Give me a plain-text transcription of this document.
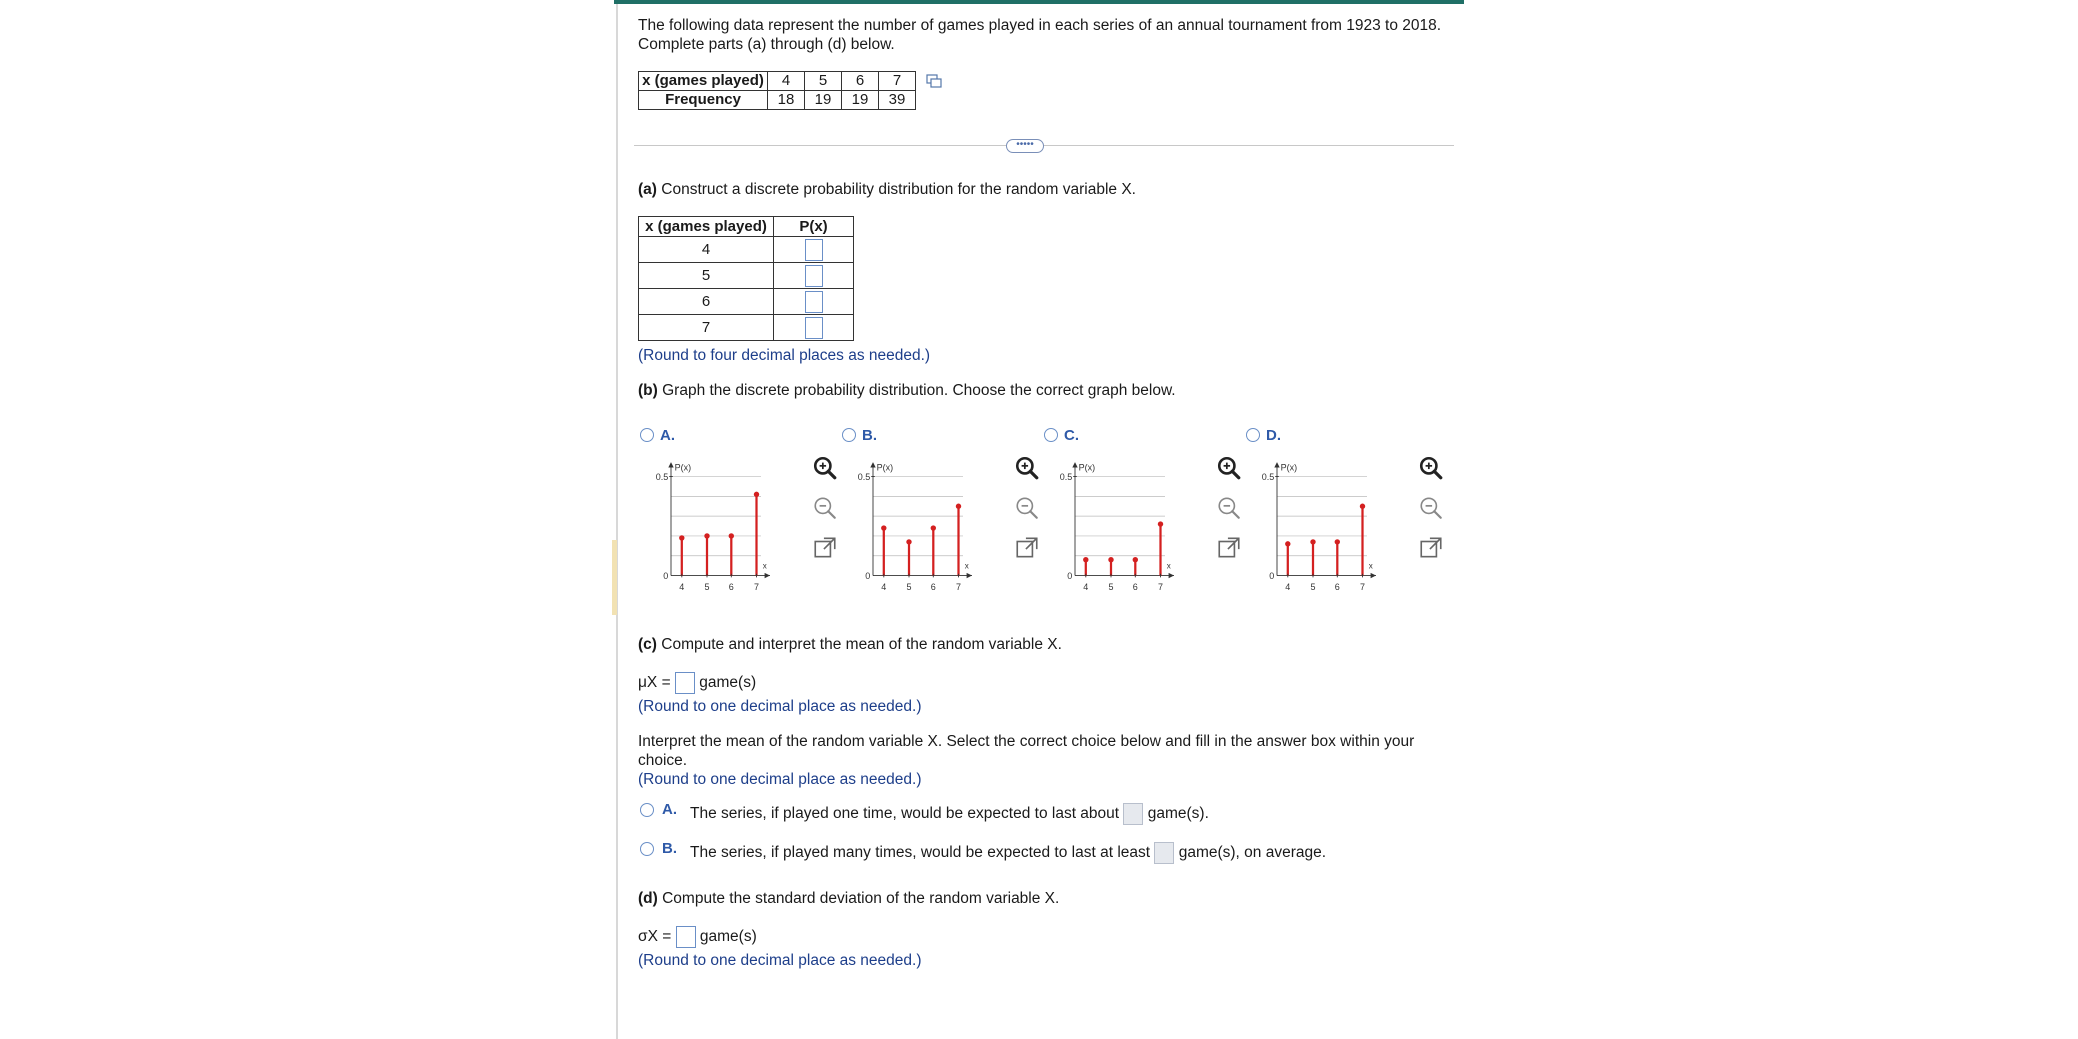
The following data represent the number of games played in each series of an annual tournament from 1923 to 2018.
Complete parts (a) through (d) below.
x (games played)	4	5	6	7
Frequency	18	19	19	39
•••••
(a) Construct a discrete probability distribution for the random variable X.
x (games played)	P(x)
4	
5	
6	
7	
(Round to four decimal places as needed.)
(b) Graph the discrete probability distribution. Choose the correct graph below.
A.
P(x)
0.5
0
x
4 5 6 7
B.
P(x)
0.5
0
x
4 5 6 7
C.
P(x)
0.5
0
x
4 5 6 7
D.
P(x)
0.5
0
x
4 5 6 7
(c) Compute and interpret the mean of the random variable X.
μX = game(s)
(Round to one decimal place as needed.)
Interpret the mean of the random variable X. Select the correct choice below and fill in the answer box within your
choice.
(Round to one decimal place as needed.)
A. The series, if played one time, would be expected to last about game(s).
B. The series, if played many times, would be expected to last at least game(s), on average.
(d) Compute the standard deviation of the random variable X.
σX = game(s)
(Round to one decimal place as needed.)
